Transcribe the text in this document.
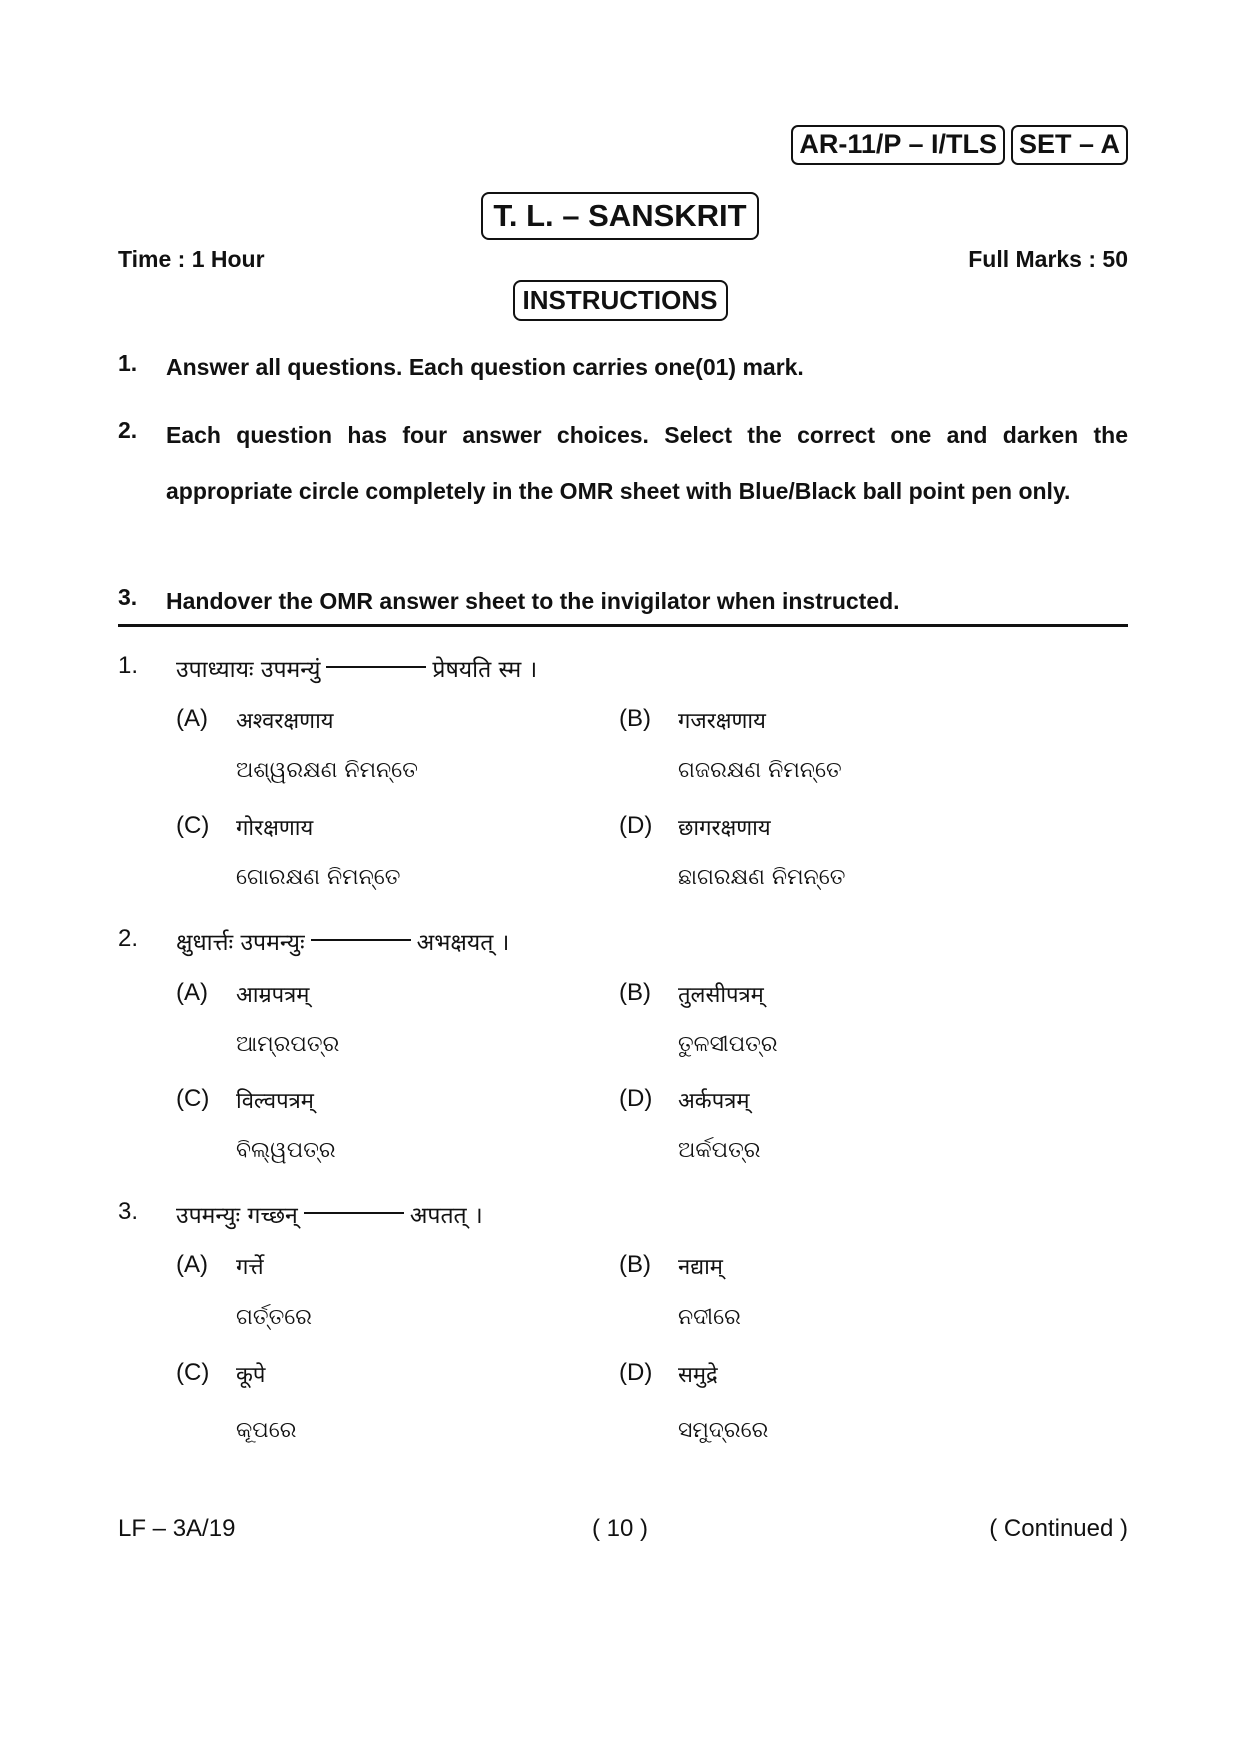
AR-11/P – I/TLS SET – A
T. L. – SANSKRIT
Time : 1 Hour	Full Marks : 50
INSTRUCTIONS
1. Answer all questions. Each question carries one(01) mark.
2. Each question has four answer choices. Select the correct one and darken the appropriate circle completely in the OMR sheet with Blue/Black ball point pen only.
3. Handover the OMR answer sheet to the invigilator when instructed.
1. उपाध्यायः उपमन्युं	प्रेषयति स्म ।
(A) अश्वरक्षणाय
ଅଶ୍ୱରକ୍ଷଣ ନିମନ୍ତେ
(B) गजरक्षणाय
ଗଜରକ୍ଷଣ ନିମନ୍ତେ
(C) गोरक्षणाय
ଗୋରକ୍ଷଣ ନିମନ୍ତେ
(D) छागरक्षणाय
ଛାଗରକ୍ଷଣ ନିମନ୍ତେ
2. क्षुधार्त्तः उपमन्युः	अभक्षयत् ।
(A) आम्रपत्रम्
ଆମ୍ରପତ୍ର
(B) तुलसीपत्रम्
ତୁଳସୀପତ୍ର
(C) विल्वपत्रम्
ବିଲ୍ୱପତ୍ର
(D) अर्कपत्रम्
ଅର୍କପତ୍ର
3. उपमन्युः गच्छन्	अपतत् ।
(A) गर्त्ते
ଗର୍ତ୍ତରେ
(B) नद्याम्
ନଦୀରେ
(C) कूपे
କୂପରେ
(D) समुद्रे
ସମୁଦ୍ରରେ
LF – 3A/19	( 10 )	( Continued )
